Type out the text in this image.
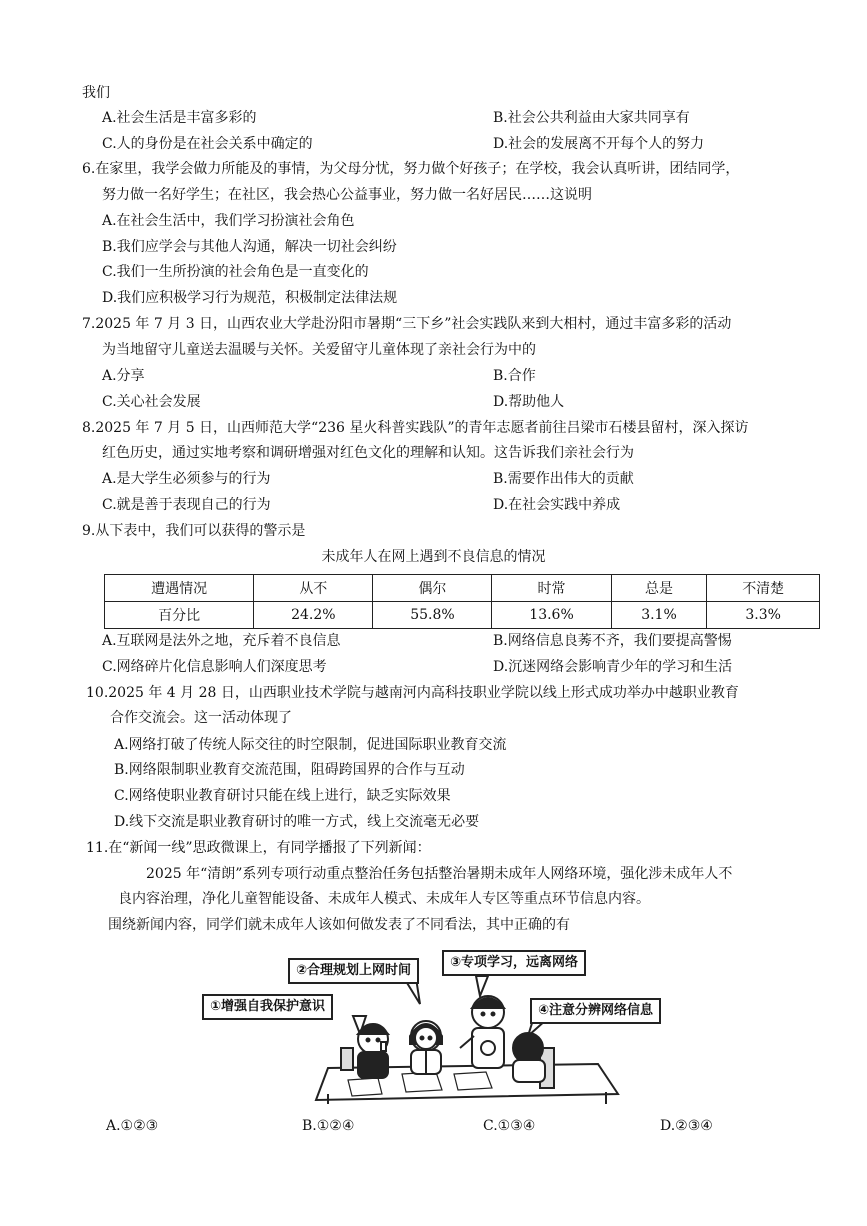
我们
A.社会生活是丰富多彩的	B.社会公共利益由大家共同享有
C.人的身份是在社会关系中确定的	D.社会的发展离不开每个人的努力
6.在家里，我学会做力所能及的事情，为父母分忧，努力做个好孩子；在学校，我会认真听讲，团结同学，
努力做一名好学生；在社区，我会热心公益事业，努力做一名好居民……这说明
A.在社会生活中，我们学习扮演社会角色
B.我们应学会与其他人沟通，解决一切社会纠纷
C.我们一生所扮演的社会角色是一直变化的
D.我们应积极学习行为规范，积极制定法律法规
7.2025 年 7 月 3 日，山西农业大学赴汾阳市暑期“三下乡”社会实践队来到大相村，通过丰富多彩的活动
为当地留守儿童送去温暖与关怀。关爱留守儿童体现了亲社会行为中的
A.分享	B.合作
C.关心社会发展	D.帮助他人
8.2025 年 7 月 5 日，山西师范大学“236 星火科普实践队”的青年志愿者前往吕梁市石楼县留村，深入探访
红色历史，通过实地考察和调研增强对红色文化的理解和认知。这告诉我们亲社会行为
A.是大学生必须参与的行为	B.需要作出伟大的贡献
C.就是善于表现自己的行为	D.在社会实践中养成
9.从下表中，我们可以获得的警示是
未成年人在网上遇到不良信息的情况
遭遇情况	从不	偶尔	时常	总是	不清楚
百分比	24.2%	55.8%	13.6%	3.1%	3.3%
A.互联网是法外之地，充斥着不良信息	B.网络信息良莠不齐，我们要提高警惕
C.网络碎片化信息影响人们深度思考	D.沉迷网络会影响青少年的学习和生活
10.2025 年 4 月 28 日，山西职业技术学院与越南河内高科技职业学院以线上形式成功举办中越职业教育
合作交流会。这一活动体现了
A.网络打破了传统人际交往的时空限制，促进国际职业教育交流
B.网络限制职业教育交流范围，阻碍跨国界的合作与互动
C.网络使职业教育研讨只能在线上进行，缺乏实际效果
D.线下交流是职业教育研讨的唯一方式，线上交流毫无必要
11.在“新闻一线”思政微课上，有同学播报了下列新闻：
2025 年“清朗”系列专项行动重点整治任务包括整治暑期未成年人网络环境，强化涉未成年人不
良内容治理，净化儿童智能设备、未成年人模式、未成年人专区等重点环节信息内容。
围绕新闻内容，同学们就未成年人该如何做发表了不同看法，其中正确的有
①增强自我保护意识
②合理规划上网时间
③专项学习，远离网络
④注意分辨网络信息
A.①②③	B.①②④	C.①③④	D.②③④
